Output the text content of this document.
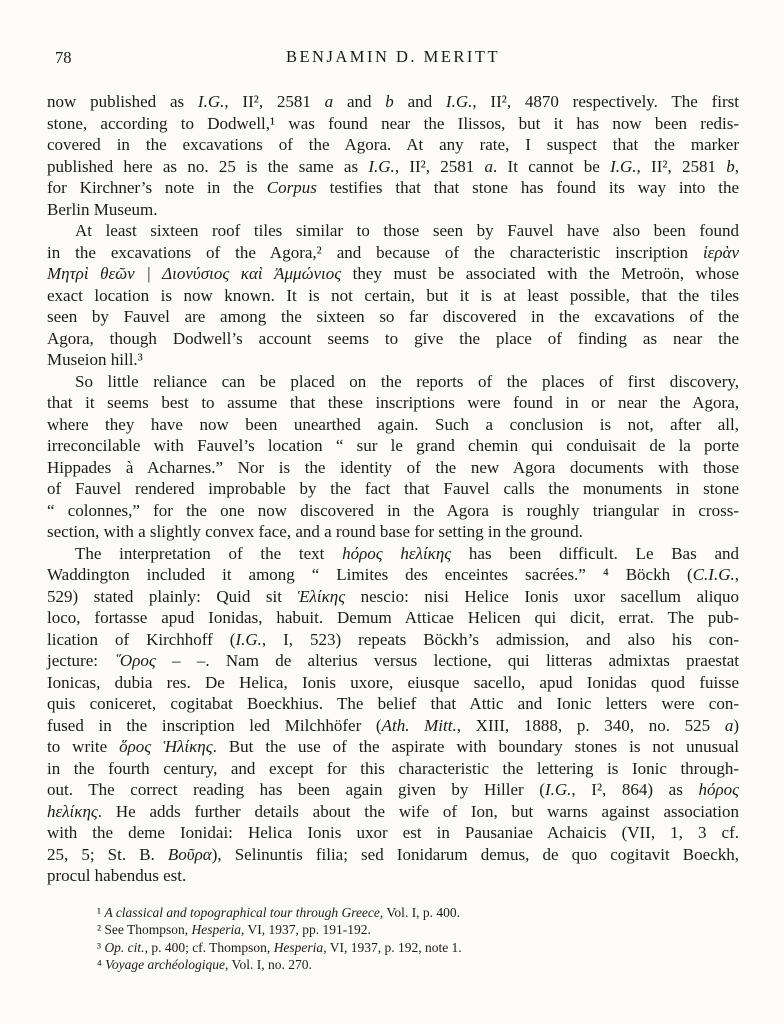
78	BENJAMIN D. MERITT
now published as I.G., II², 2581 a and b and I.G., II², 4870 respectively. The first
stone, according to Dodwell,¹ was found near the Ilissos, but it has now been redis-
covered in the excavations of the Agora. At any rate, I suspect that the marker
published here as no. 25 is the same as I.G., II², 2581 a. It cannot be I.G., II², 2581 b,
for Kirchner’s note in the Corpus testifies that that stone has found its way into the
Berlin Museum.
At least sixteen roof tiles similar to those seen by Fauvel have also been found
in the excavations of the Agora,² and because of the characteristic inscription ἱερὰν
Μητρὶ θεῶν | Διονύσιος καὶ Ἀμμώνιος they must be associated with the Metroön, whose
exact location is now known. It is not certain, but it is at least possible, that the tiles
seen by Fauvel are among the sixteen so far discovered in the excavations of the
Agora, though Dodwell’s account seems to give the place of finding as near the
Museion hill.³
So little reliance can be placed on the reports of the places of first discovery,
that it seems best to assume that these inscriptions were found in or near the Agora,
where they have now been unearthed again. Such a conclusion is not, after all,
irreconcilable with Fauvel’s location “ sur le grand chemin qui conduisait de la porte
Hippades à Acharnes.” Nor is the identity of the new Agora documents with those
of Fauvel rendered improbable by the fact that Fauvel calls the monuments in stone
“ colonnes,” for the one now discovered in the Agora is roughly triangular in cross-
section, with a slightly convex face, and a round base for setting in the ground.
The interpretation of the text hόρος hελίκης has been difficult. Le Bas and
Waddington included it among “ Limites des enceintes sacrées.” ⁴ Böckh (C.I.G.,
529) stated plainly: Quid sit Ἑλίκης nescio: nisi Helice Ionis uxor sacellum aliquo
loco, fortasse apud Ionidas, habuit. Demum Atticae Helicen qui dicit, errat. The pub-
lication of Kirchhoff (I.G., I, 523) repeats Böckh’s admission, and also his con-
jecture: ῞Ορος – –. Nam de alterius versus lectione, qui litteras admixtas praestat
Ionicas, dubia res. De Helica, Ionis uxore, eiusque sacello, apud Ionidas quod fuisse
quis coniceret, cogitabat Boeckhius. The belief that Attic and Ionic letters were con-
fused in the inscription led Milchhöfer (Ath. Mitt., XIII, 1888, p. 340, no. 525 a)
to write ὅρος Ἡλίκης. But the use of the aspirate with boundary stones is not unusual
in the fourth century, and except for this characteristic the lettering is Ionic through-
out. The correct reading has been again given by Hiller (I.G., I², 864) as hόρος
hελίκης. He adds further details about the wife of Ion, but warns against association
with the deme Ionidai: Helica Ionis uxor est in Pausaniae Achaicis (VII, 1, 3 cf.
25, 5; St. B. Βοῦρα), Selinuntis filia; sed Ionidarum demus, de quo cogitavit Boeckh,
procul habendus est.
¹ A classical and topographical tour through Greece, Vol. I, p. 400.
² See Thompson, Hesperia, VI, 1937, pp. 191-192.
³ Op. cit., p. 400; cf. Thompson, Hesperia, VI, 1937, p. 192, note 1.
⁴ Voyage archéologique, Vol. I, no. 270.
